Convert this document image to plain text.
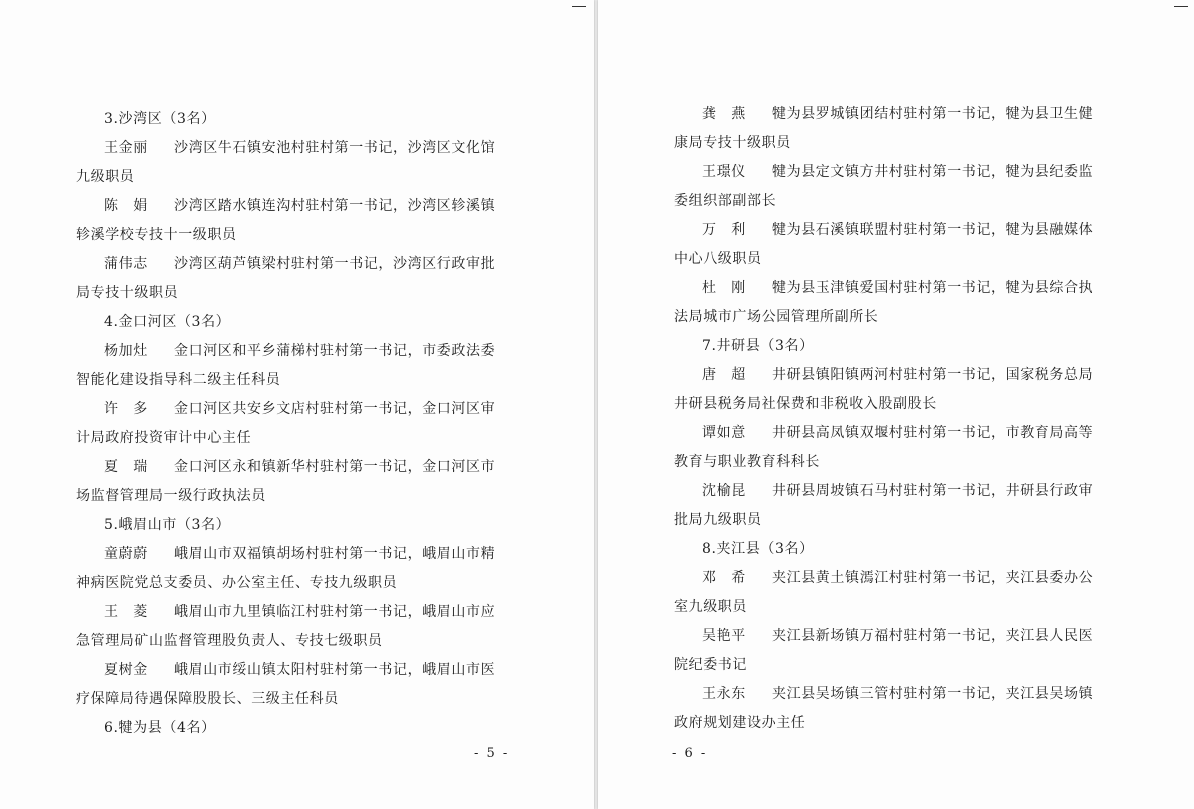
3.沙湾区（3名）
王金丽 沙湾区牛石镇安池村驻村第一书记，沙湾区文化馆
九级职员
陈　娟 沙湾区踏水镇连沟村驻村第一书记，沙湾区轸溪镇
轸溪学校专技十一级职员
蒲伟志 沙湾区葫芦镇梁村驻村第一书记，沙湾区行政审批
局专技十级职员
4.金口河区（3名）
杨加灶 金口河区和平乡蒲梯村驻村第一书记，市委政法委
智能化建设指导科二级主任科员
许　多 金口河区共安乡文店村驻村第一书记，金口河区审
计局政府投资审计中心主任
夏　瑞 金口河区永和镇新华村驻村第一书记，金口河区市
场监督管理局一级行政执法员
5.峨眉山市（3名）
童蔚蔚 峨眉山市双福镇胡场村驻村第一书记，峨眉山市精
神病医院党总支委员、办公室主任、专技九级职员
王　菱 峨眉山市九里镇临江村驻村第一书记，峨眉山市应
急管理局矿山监督管理股负责人、专技七级职员
夏树金 峨眉山市绥山镇太阳村驻村第一书记，峨眉山市医
疗保障局待遇保障股股长、三级主任科员
6.犍为县（4名）
- 5 -
龚　燕 犍为县罗城镇团结村驻村第一书记，犍为县卫生健
康局专技十级职员
王璟仪 犍为县定文镇方井村驻村第一书记，犍为县纪委监
委组织部副部长
万　利 犍为县石溪镇联盟村驻村第一书记，犍为县融媒体
中心八级职员
杜　刚 犍为县玉津镇爱国村驻村第一书记，犍为县综合执
法局城市广场公园管理所副所长
7.井研县（3名）
唐　超 井研县镇阳镇两河村驻村第一书记，国家税务总局
井研县税务局社保费和非税收入股副股长
谭如意 井研县高凤镇双堰村驻村第一书记，市教育局高等
教育与职业教育科科长
沈榆昆 井研县周坡镇石马村驻村第一书记，井研县行政审
批局九级职员
8.夹江县（3名）
邓　希 夹江县黄土镇漹江村驻村第一书记，夹江县委办公
室九级职员
吴艳平 夹江县新场镇万福村驻村第一书记，夹江县人民医
院纪委书记
王永东 夹江县吴场镇三管村驻村第一书记，夹江县吴场镇
政府规划建设办主任
- 6 -
